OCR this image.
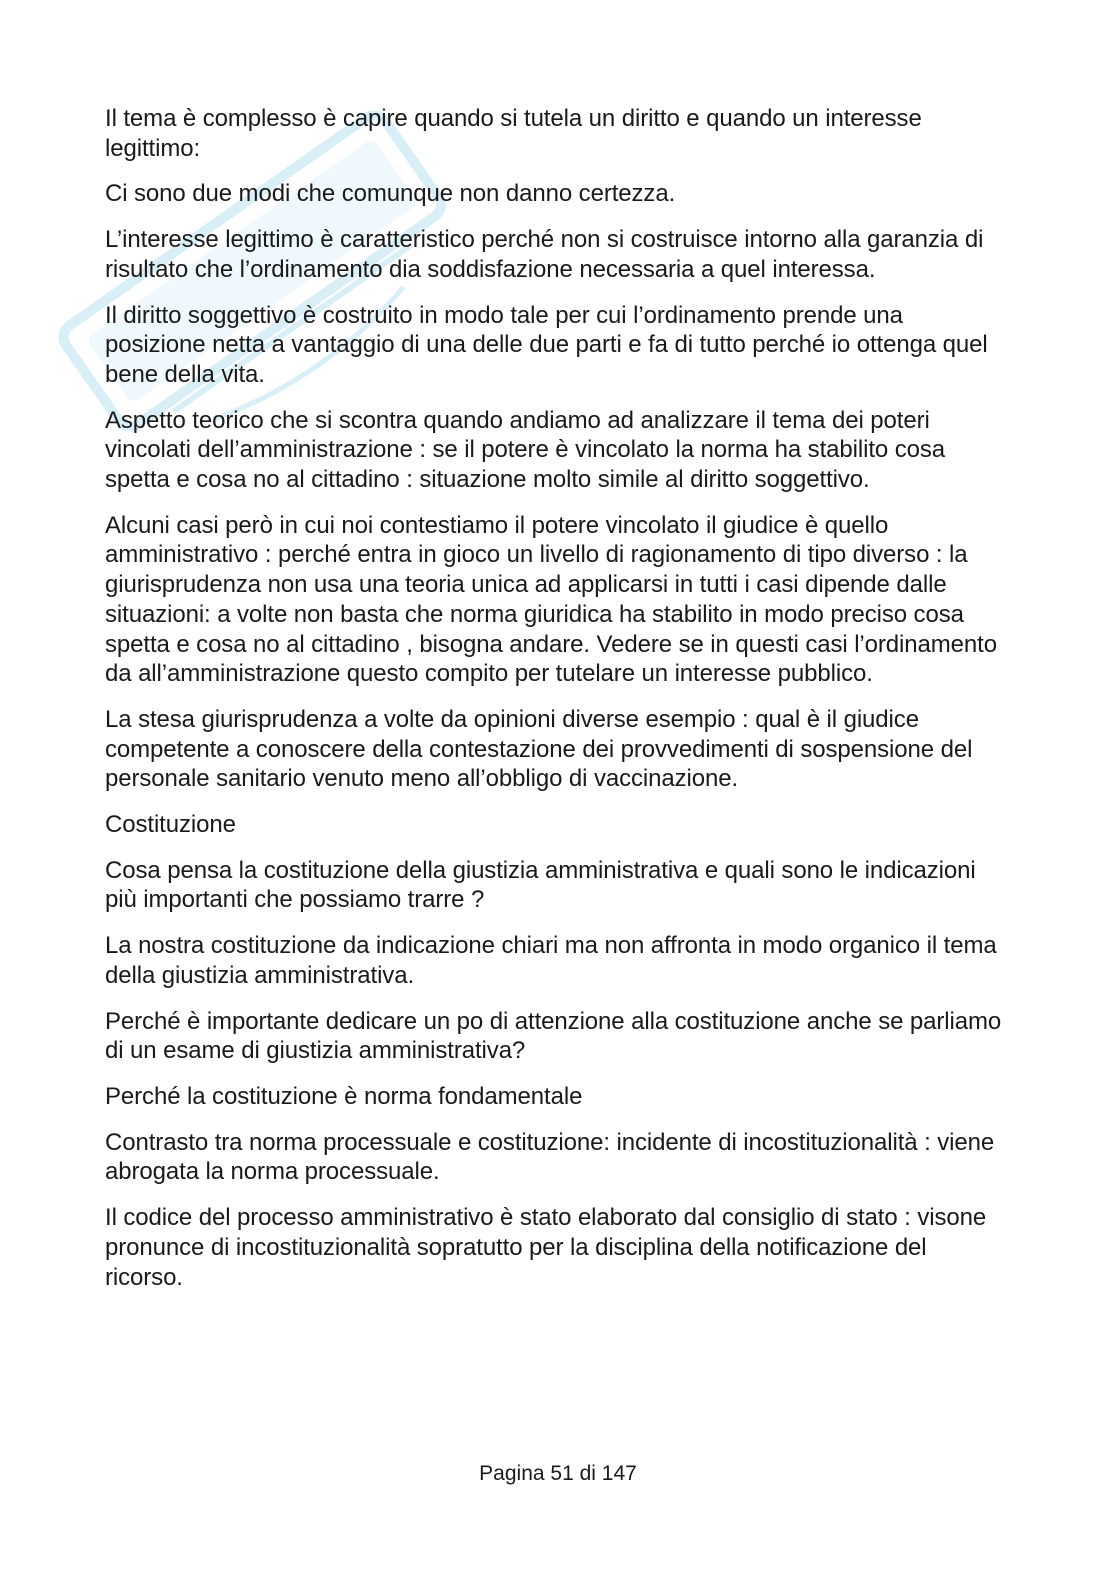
Il tema è complesso è capire quando si tutela un diritto e quando un interesse legittimo:

Ci sono due modi che comunque non danno certezza.

L’interesse legittimo è caratteristico perché non si costruisce intorno alla garanzia di risultato che l’ordinamento dia soddisfazione necessaria a quel interessa.

Il diritto soggettivo è costruito in modo tale per cui l’ordinamento prende una posizione netta a vantaggio di una delle due parti e fa di tutto perché io ottenga quel bene della vita.

Aspetto teorico che si scontra quando andiamo ad analizzare il tema dei poteri vincolati dell’amministrazione : se il potere è vincolato la norma ha stabilito cosa spetta e cosa no al cittadino : situazione molto simile al diritto soggettivo.

Alcuni casi però in cui noi contestiamo il potere vincolato il giudice è quello amministrativo : perché entra in gioco un livello di ragionamento di tipo diverso : la giurisprudenza non usa una teoria unica ad applicarsi in tutti i casi dipende dalle situazioni: a volte non basta che norma giuridica ha stabilito in modo preciso cosa spetta e cosa no al cittadino , bisogna andare. Vedere se in questi casi l’ordinamento da all’amministrazione questo compito per tutelare un interesse pubblico.

La stesa giurisprudenza a volte da opinioni diverse esempio : qual è il giudice competente a conoscere della contestazione dei provvedimenti di sospensione del personale sanitario venuto meno all’obbligo di vaccinazione.

Costituzione

Cosa pensa la costituzione della giustizia amministrativa e quali sono le indicazioni più importanti che possiamo trarre ?

La nostra costituzione da indicazione chiari ma non affronta in modo organico il tema della giustizia amministrativa.

Perché è importante dedicare un po di attenzione alla costituzione anche se parliamo di un esame di giustizia amministrativa?

Perché la costituzione è norma fondamentale

Contrasto tra norma processuale e costituzione: incidente di incostituzionalità : viene abrogata la norma processuale.

Il codice del processo amministrativo è stato elaborato dal consiglio di stato : visone pronunce di incostituzionalità sopratutto per la disciplina della notificazione del ricorso.

Pagina 51 di 147
